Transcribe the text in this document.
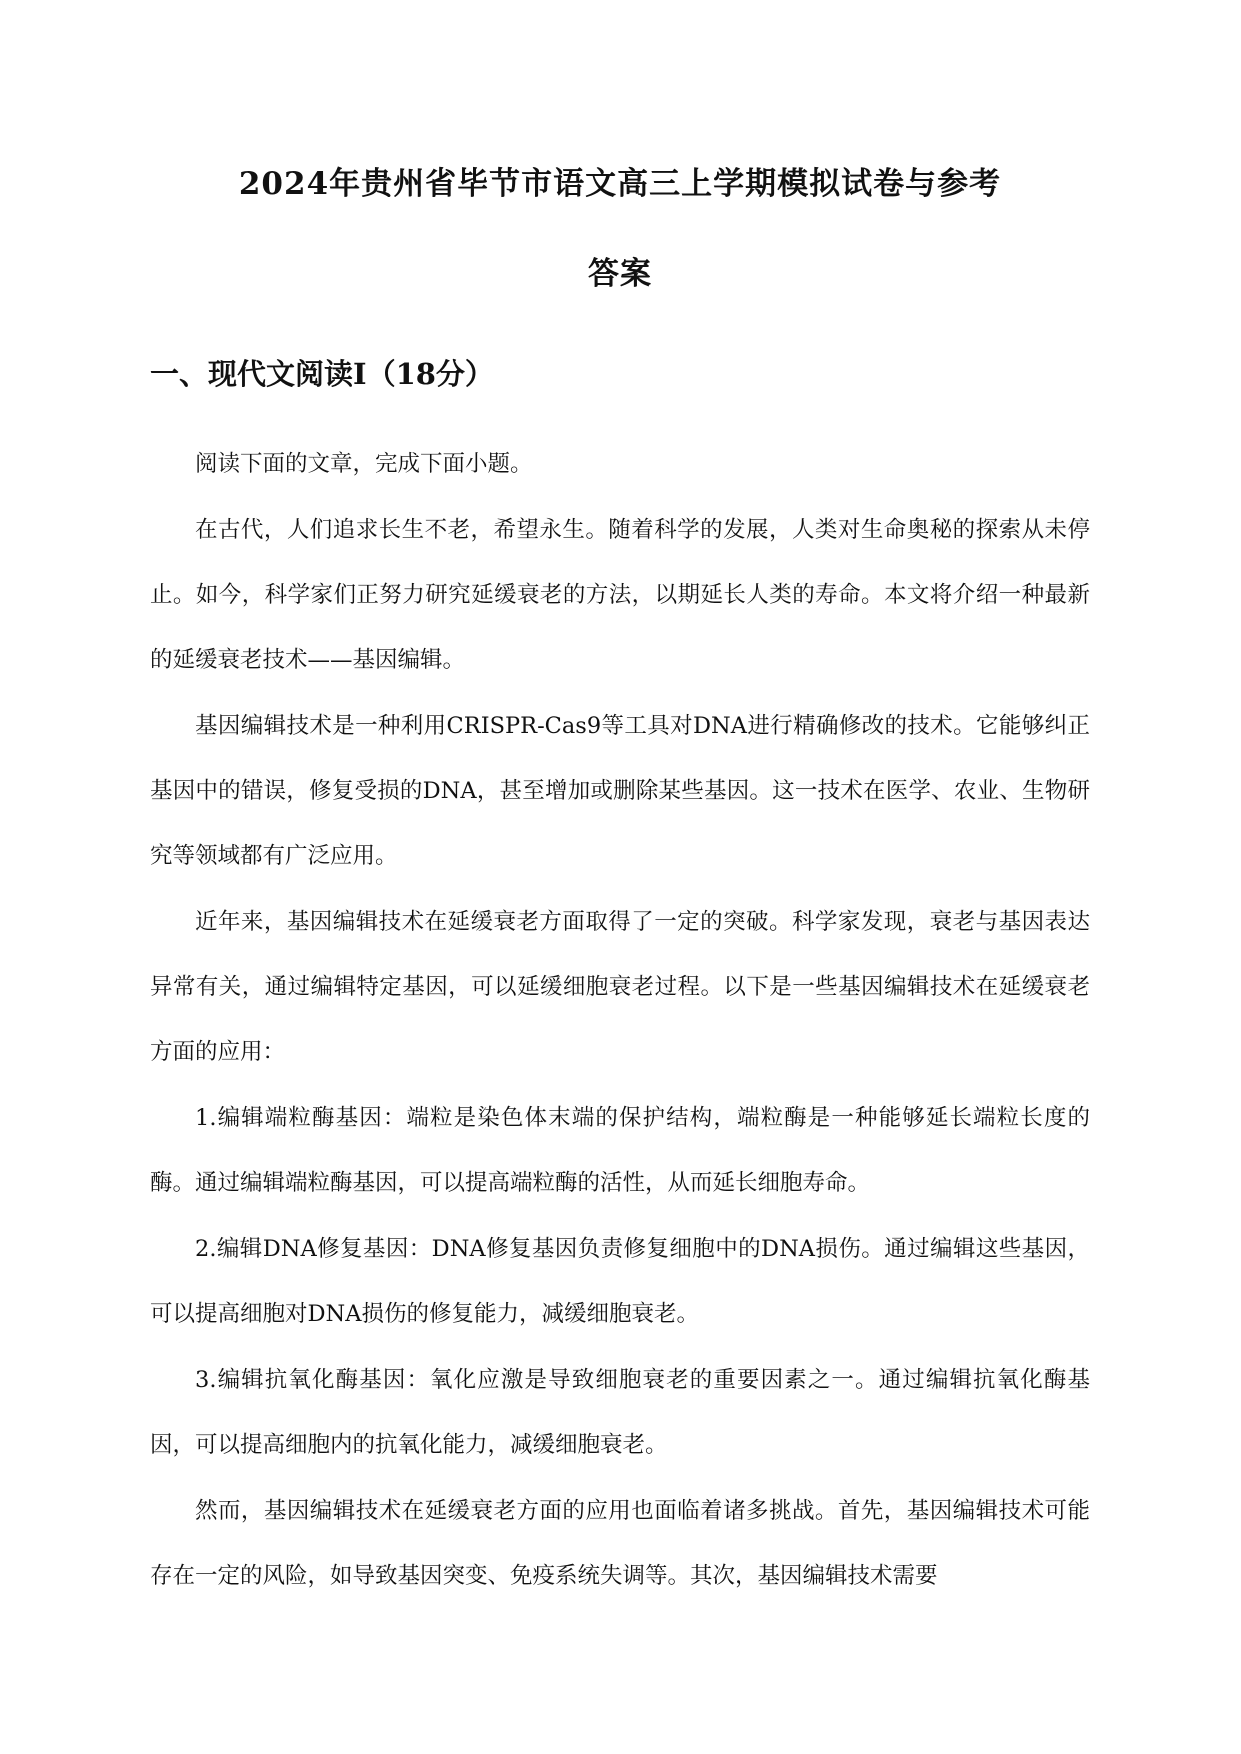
2024年贵州省毕节市语文高三上学期模拟试卷与参考
答案
一、现代文阅读Ⅰ（18分）

阅读下面的文章，完成下面小题。

在古代，人们追求长生不老，希望永生。随着科学的发展，人类对生命奥秘的探索从未停止。如今，科学家们正努力研究延缓衰老的方法，以期延长人类的寿命。本文将介绍一种最新的延缓衰老技术——基因编辑。

基因编辑技术是一种利用CRISPR-Cas9等工具对DNA进行精确修改的技术。它能够纠正基因中的错误，修复受损的DNA，甚至增加或删除某些基因。这一技术在医学、农业、生物研究等领域都有广泛应用。

近年来，基因编辑技术在延缓衰老方面取得了一定的突破。科学家发现，衰老与基因表达异常有关，通过编辑特定基因，可以延缓细胞衰老过程。以下是一些基因编辑技术在延缓衰老方面的应用：

1.编辑端粒酶基因：端粒是染色体末端的保护结构，端粒酶是一种能够延长端粒长度的酶。通过编辑端粒酶基因，可以提高端粒酶的活性，从而延长细胞寿命。

2.编辑DNA修复基因：DNA修复基因负责修复细胞中的DNA损伤。通过编辑这些基因，可以提高细胞对DNA损伤的修复能力，减缓细胞衰老。

3.编辑抗氧化酶基因：氧化应激是导致细胞衰老的重要因素之一。通过编辑抗氧化酶基因，可以提高细胞内的抗氧化能力，减缓细胞衰老。

然而，基因编辑技术在延缓衰老方面的应用也面临着诸多挑战。首先，基因编辑技术可能存在一定的风险，如导致基因突变、免疫系统失调等。其次，基因编辑技术需要
